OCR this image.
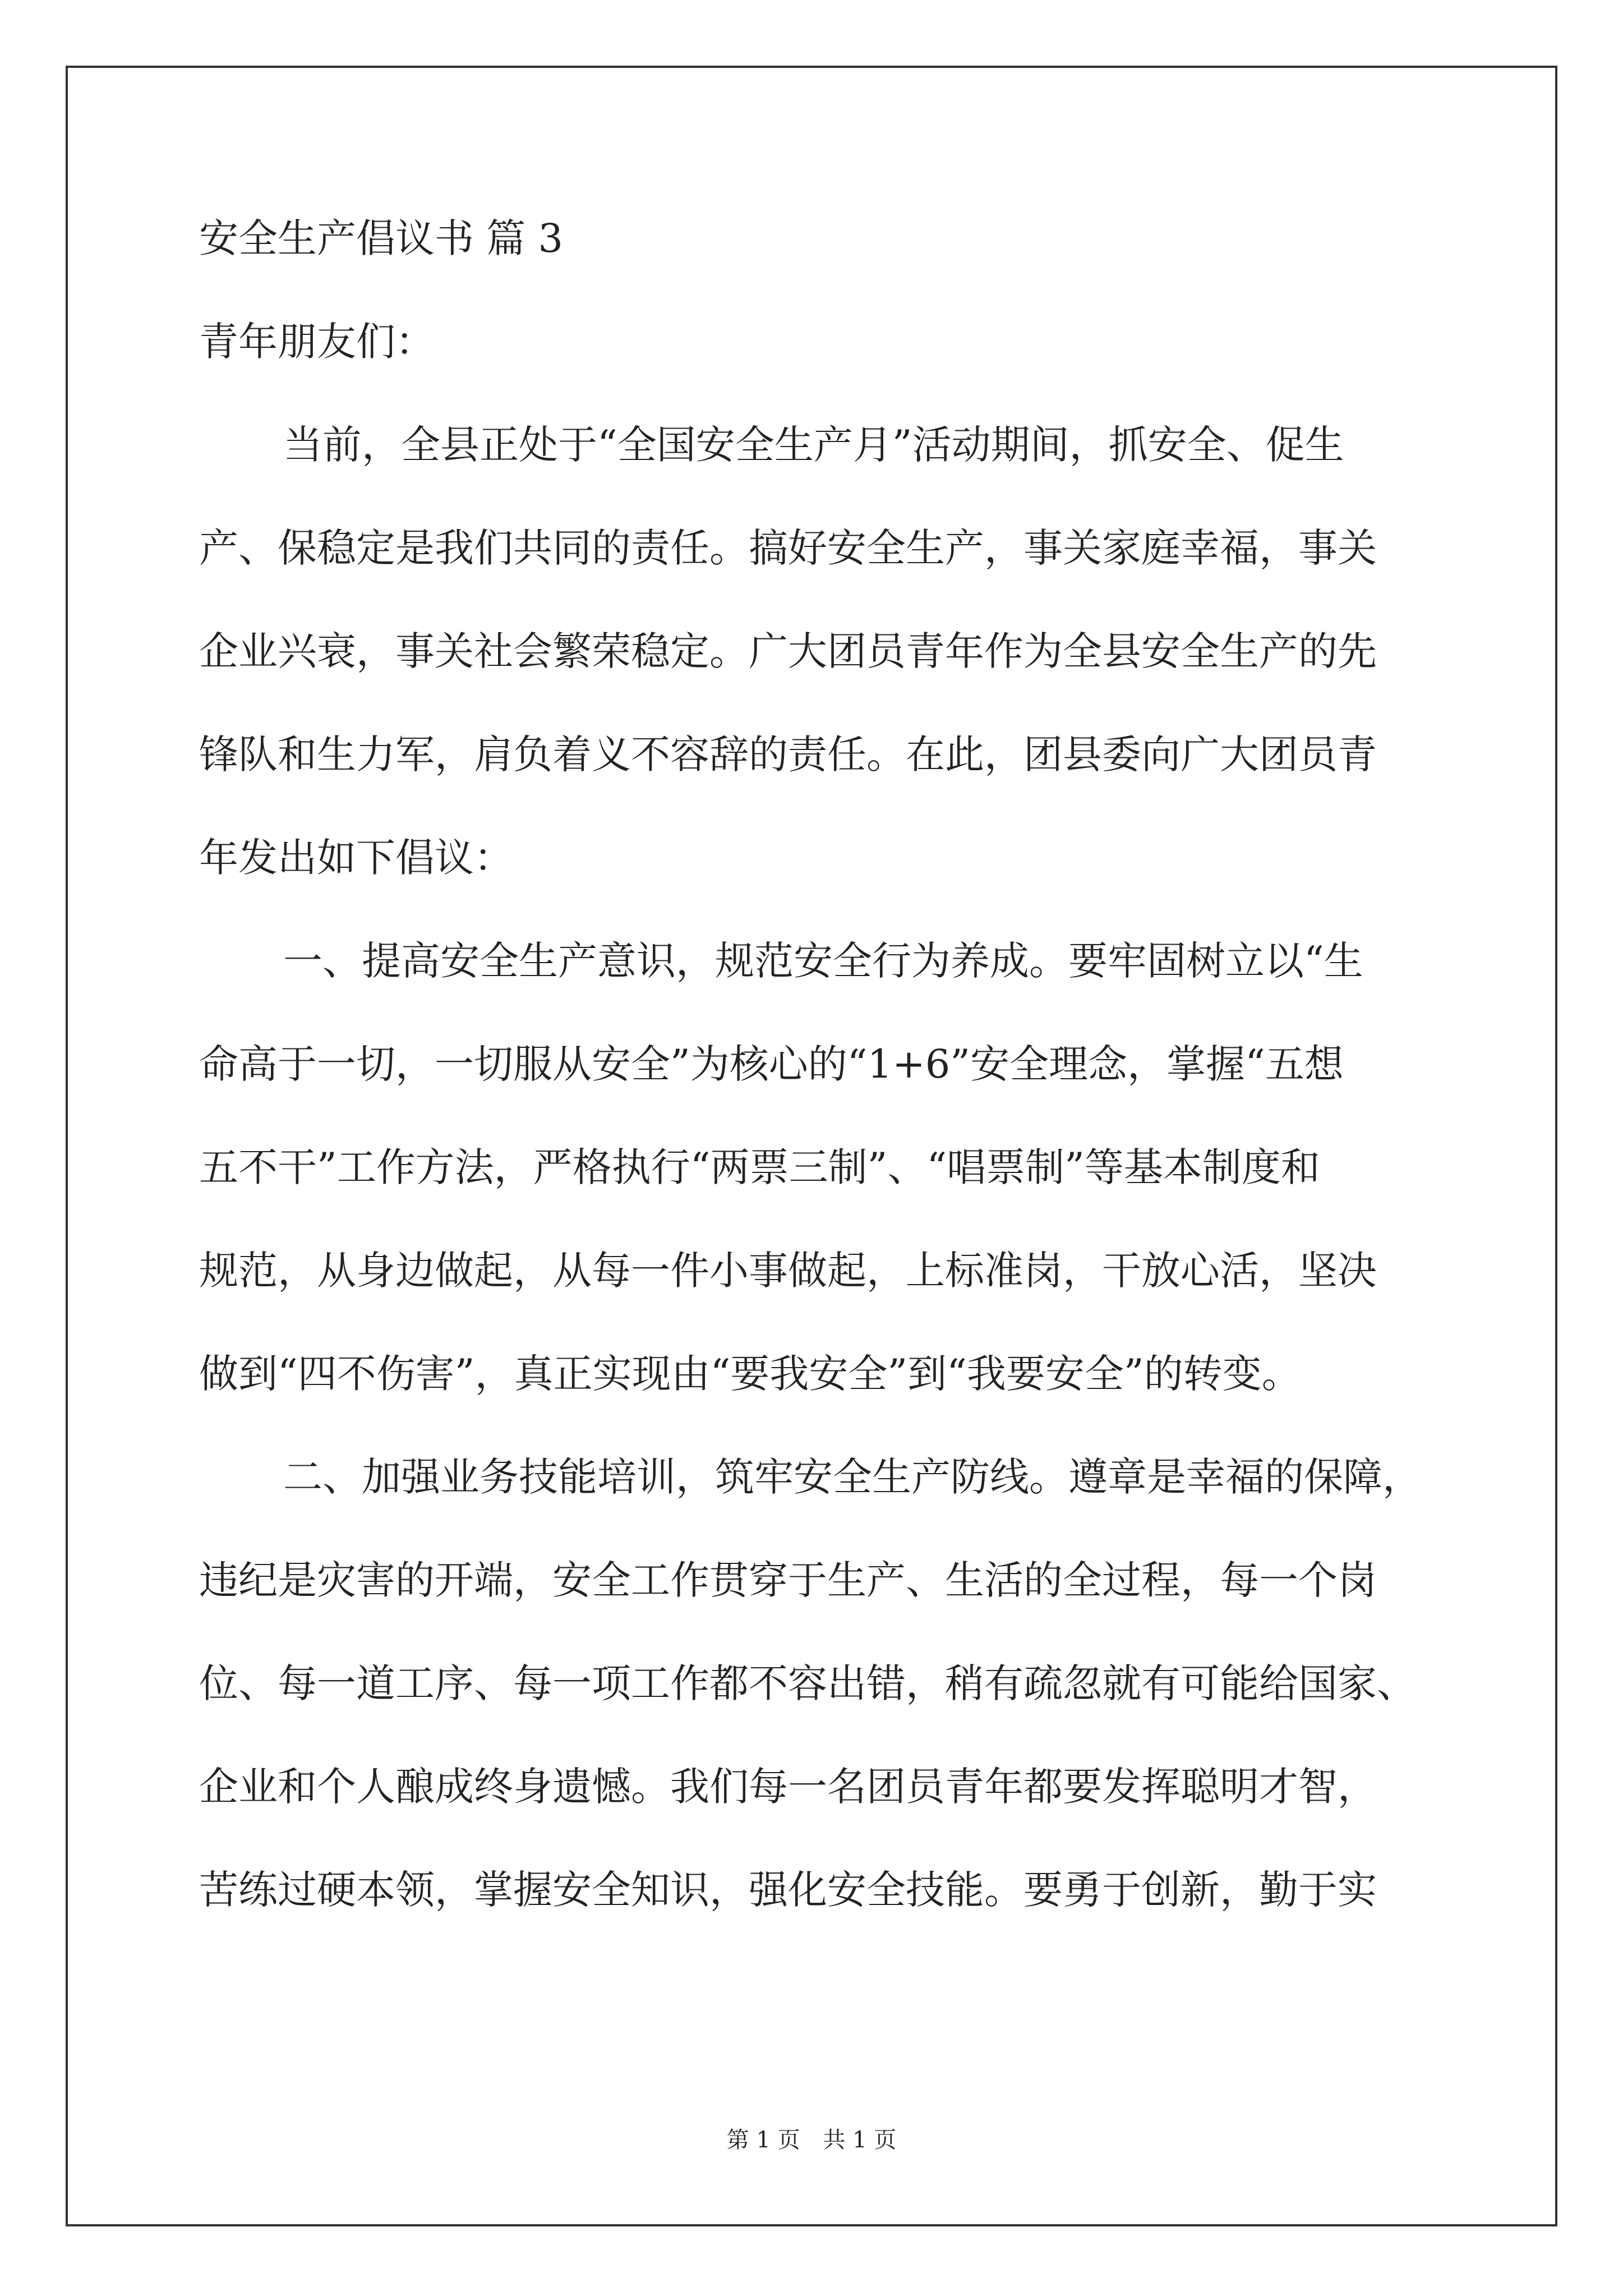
安全生产倡议书 篇 3

青年朋友们：

当前，全县正处于“全国安全生产月”活动期间，抓安全、促生

产、保稳定是我们共同的责任。搞好安全生产，事关家庭幸福，事关

企业兴衰，事关社会繁荣稳定。广大团员青年作为全县安全生产的先

锋队和生力军，肩负着义不容辞的责任。在此，团县委向广大团员青

年发出如下倡议：

一、提高安全生产意识，规范安全行为养成。要牢固树立以“生

命高于一切，一切服从安全”为核心的“1+6”安全理念，掌握“五想

五不干”工作方法，严格执行“两票三制”、“唱票制”等基本制度和

规范，从身边做起，从每一件小事做起，上标准岗，干放心活，坚决

做到“四不伤害”，真正实现由“要我安全”到“我要安全”的转变。

二、加强业务技能培训，筑牢安全生产防线。遵章是幸福的保障，

违纪是灾害的开端，安全工作贯穿于生产、生活的全过程，每一个岗

位、每一道工序、每一项工作都不容出错，稍有疏忽就有可能给国家、

企业和个人酿成终身遗憾。我们每一名团员青年都要发挥聪明才智，

苦练过硬本领，掌握安全知识，强化安全技能。要勇于创新，勤于实

第 1 页 共 1 页
